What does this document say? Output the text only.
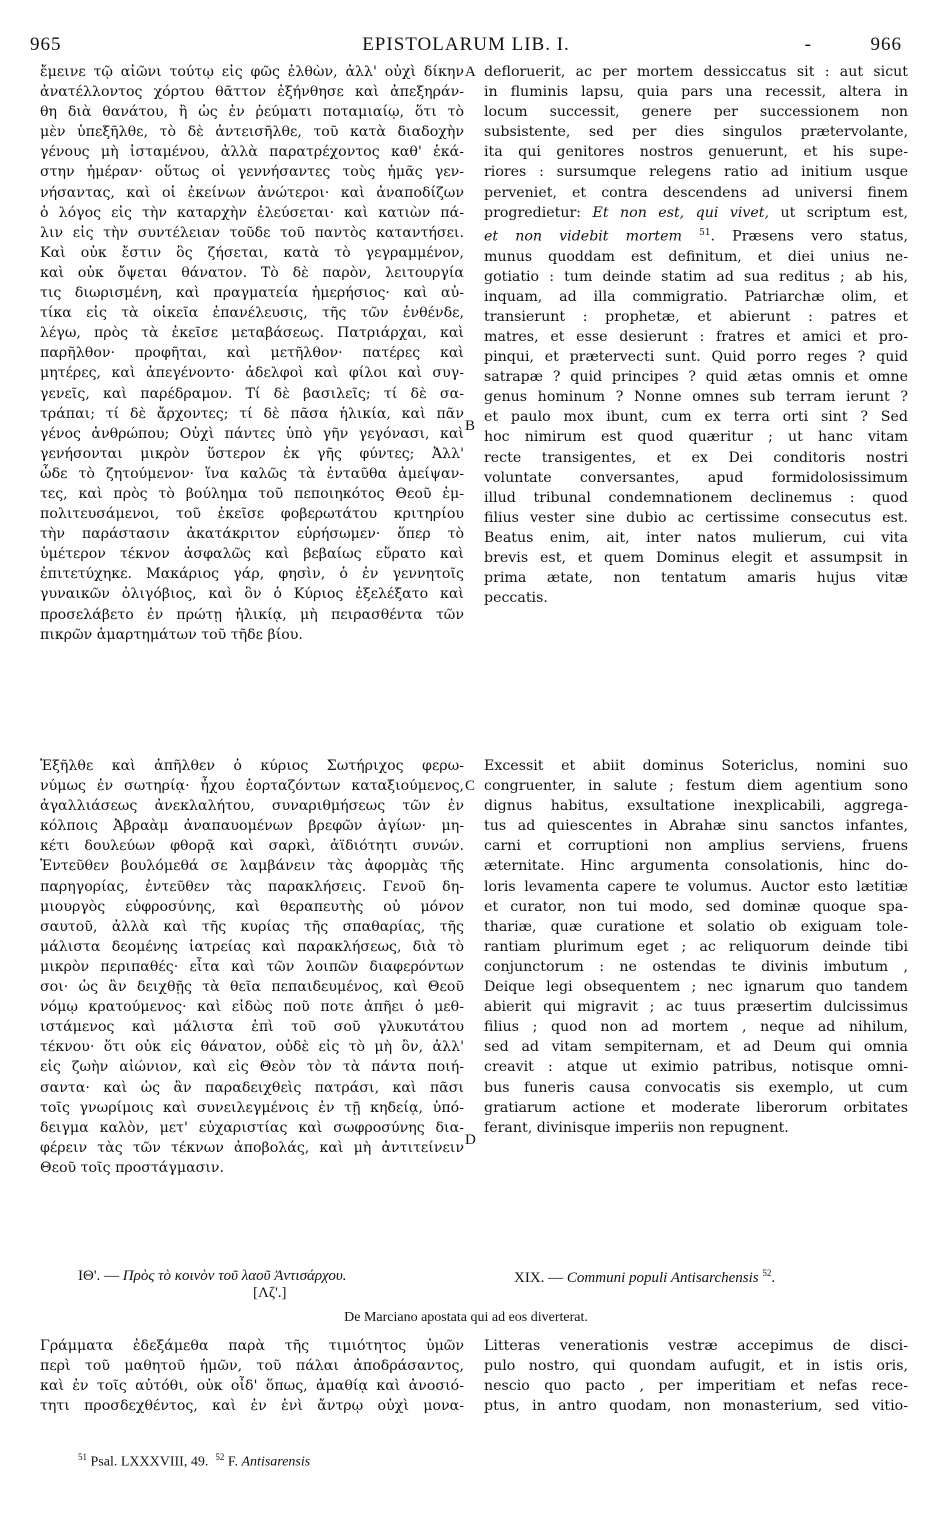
965	EPISTOLARUM LIB. I.	-	966
ἔμεινε τῷ αἰῶνι τούτῳ εἰς φῶς ἐλθὼν, ἀλλ' οὐχὶ δίκην
ἀνατέλλοντος χόρτου θᾶττον ἐξήνθησε καὶ ἀπεξηράν-
θη διὰ θανάτου, ἢ ὡς ἐν ῥεύματι ποταμιαίῳ, ὅτι τὸ
μὲν ὑπεξῆλθε, τὸ δὲ ἀντεισῆλθε, τοῦ κατὰ διαδοχὴν
γένους μὴ ἱσταμένου, ἀλλὰ παρατρέχοντος καθ' ἑκά-
στην ἡμέραν· οὕτως οἱ γεννήσαντες τοὺς ἡμᾶς γεν-
νήσαντας, καὶ οἱ ἐκείνων ἀνώτεροι· καὶ ἀναποδίζων
ὁ λόγος εἰς τὴν καταρχὴν ἐλεύσεται· καὶ κατιὼν πά-
λιν εἰς τὴν συντέλειαν τοῦδε τοῦ παντὸς καταντήσει.
Καὶ οὐκ ἔστιν ὃς ζήσεται, κατὰ τὸ γεγραμμένον,
καὶ οὐκ ὄψεται θάνατον. Τὸ δὲ παρὸν, λειτουργία
τις διωρισμένη, καὶ πραγματεία ἡμερήσιος· καὶ αὐ-
τίκα εἰς τὰ οἰκεῖα ἐπανέλευσις, τῆς τῶν ἐνθένδε,
λέγω, πρὸς τὰ ἐκεῖσε μεταβάσεως. Πατριάρχαι, καὶ
παρῆλθον· προφῆται, καὶ μετῆλθον· πατέρες καὶ
μητέρες, καὶ ἀπεγένοντο· ἀδελφοὶ καὶ φίλοι καὶ συγ-
γενεῖς, καὶ παρέδραμον. Τί δὲ βασιλεῖς; τί δὲ σα-
τράπαι; τί δὲ ἄρχοντες; τί δὲ πᾶσα ἡλικία, καὶ πᾶν
γένος ἀνθρώπου; Οὐχὶ πάντες ὑπὸ γῆν γεγόνασι, καὶ
γενήσονται μικρὸν ὕστερον ἐκ γῆς φύντες; Ἀλλ'
ὧδε τὸ ζητούμενον· ἵνα καλῶς τὰ ἐνταῦθα ἀμείψαν-
τες, καὶ πρὸς τὸ βούλημα τοῦ πεποιηκότος Θεοῦ ἐμ-
πολιτευσάμενοι, τοῦ ἐκεῖσε φοβερωτάτου κριτηρίου
τὴν παράστασιν ἀκατάκριτον εὑρήσωμεν· ὅπερ τὸ
ὑμέτερον τέκνον ἀσφαλῶς καὶ βεβαίως εὕρατο καὶ
ἐπιτετύχηκε. Μακάριος γάρ, φησὶν, ὁ ἐν γεννητοῖς
γυναικῶν ὀλιγόβιος, καὶ ὃν ὁ Κύριος ἐξελέξατο καὶ
προσελάβετο ἐν πρώτῃ ἡλικίᾳ, μὴ πειρασθέντα τῶν
πικρῶν ἁμαρτημάτων τοῦ τῆδε βίου.
defloruerit, ac per mortem dessiccatus sit : aut sicut
in fluminis lapsu, quia pars una recessit, altera in
locum successit, genere per successionem non
subsistente, sed per dies singulos prætervolante,
ita qui genitores nostros genuerunt, et his supe-
riores : sursumque relegens ratio ad initium usque
perveniet, et contra descendens ad universi finem
progredietur: Et non est, qui vivet, ut scriptum est,
et non videbit mortem $^{51}$. Præsens vero status,
munus quoddam est definitum, et diei unius ne-
gotiatio : tum deinde statim ad sua reditus ; ab his,
inquam, ad illa commigratio. Patriarchæ olim, et
transierunt : prophetæ, et abierunt : patres et
matres, et esse desierunt : fratres et amici et pro-
pinqui, et prætervecti sunt. Quid porro reges ? quid
satrapæ ? quid principes ? quid ætas omnis et omne
genus hominum ? Nonne omnes sub terram ierunt ?
et paulo mox ibunt, cum ex terra orti sint ? Sed
hoc nimirum est quod quæritur ; ut hanc vitam
recte transigentes, et ex Dei conditoris nostri
voluntate conversantes, apud formidolosissimum
illud tribunal condemnationem declinemus : quod
filius vester sine dubio ac certissime consecutus est.
Beatus enim, ait, inter natos mulierum, cui vita
brevis est, et quem Dominus elegit et assumpsit in
prima ætate, non tentatum amaris hujus vitæ
peccatis.
A
B
C
D
Ἐξῆλθε καὶ ἀπῆλθεν ὁ κύριος Σωτήριχος φερω-
νύμως ἐν σωτηρίᾳ· ἦχου ἑορταζόντων καταξιούμενος,
ἀγαλλιάσεως ἀνεκλαλήτου, συναριθμήσεως τῶν ἐν
κόλποις Ἀβραὰμ ἀναπαυομένων βρεφῶν ἁγίων· μη-
κέτι δουλεύων φθορᾷ καὶ σαρκὶ, ἀϊδιότητι συνών.
Ἐντεῦθεν βουλόμεθά σε λαμβάνειν τὰς ἀφορμὰς τῆς
παρηγορίας, ἐντεῦθεν τὰς παρακλήσεις. Γενοῦ δη-
μιουργὸς εὐφροσύνης, καὶ θεραπευτὴς οὐ μόνον
σαυτοῦ, ἀλλὰ καὶ τῆς κυρίας τῆς σπαθαρίας, τῆς
μάλιστα δεομένης ἰατρείας καὶ παρακλήσεως, διὰ τὸ
μικρὸν περιπαθές· εἶτα καὶ τῶν λοιπῶν διαφερόντων
σοι· ὡς ἂν δειχθῇς τὰ θεῖα πεπαιδευμένος, καὶ Θεοῦ
νόμῳ κρατούμενος· καὶ εἰδὼς ποῦ ποτε ἀπῆει ὁ μεθ-
ιστάμενος καὶ μάλιστα ἐπὶ τοῦ σοῦ γλυκυτάτου
τέκνου· ὅτι οὐκ εἰς θάνατον, οὐδὲ εἰς τὸ μὴ ὂν, ἀλλ'
εἰς ζωὴν αἰώνιον, καὶ εἰς Θεὸν τὸν τὰ πάντα ποιή-
σαντα· καὶ ὡς ἂν παραδειχθεὶς πατράσι, καὶ πᾶσι
τοῖς γνωρίμοις καὶ συνειλεγμένοις ἐν τῇ κηδείᾳ, ὑπό-
δειγμα καλὸν, μετ' εὐχαριστίας καὶ σωφροσύνης δια-
φέρειν τὰς τῶν τέκνων ἀποβολάς, καὶ μὴ ἀντιτείνειν
Θεοῦ τοῖς προστάγμασιν.
Excessit et abiit dominus Sotericlus, nomini suo
congruenter, in salute ; festum diem agentium sono
dignus habitus, exsultatione inexplicabili, aggrega-
tus ad quiescentes in Abrahæ sinu sanctos infantes,
carni et corruptioni non amplius serviens, fruens
æternitate. Hinc argumenta consolationis, hinc do-
loris levamenta capere te volumus. Auctor esto lætitiæ
et curator, non tui modo, sed dominæ quoque spa-
thariæ, quæ curatione et solatio ob exiguam tole-
rantiam plurimum eget ; ac reliquorum deinde tibi
conjunctorum : ne ostendas te divinis imbutum ,
Deique legi obsequentem ; nec ignarum quo tandem
abierit qui migravit ; ac tuus præsertim dulcissimus
filius ; quod non ad mortem , neque ad nihilum,
sed ad vitam sempiternam, et ad Deum qui omnia
creavit : atque ut eximio patribus, notisque omni-
bus funeris causa convocatis sis exemplo, ut cum
gratiarum actione et moderate liberorum orbitates
ferant, divinisque imperiis non repugnent.
ΙΘ'. — Πρὸς τὸ κοινὸν τοῦ λαοῦ Ἀντισάρχου.
[Λζ'.]
XIX. — Communi populi Antisarchensis $^{52}$.
De Marciano apostata qui ad eos diverterat.
Γράμματα ἐδεξάμεθα παρὰ τῆς τιμιότητος ὑμῶν
περὶ τοῦ μαθητοῦ ἡμῶν, τοῦ πάλαι ἀποδράσαντος,
καὶ ἐν τοῖς αὐτόθι, οὐκ οἶδ' ὅπως, ἀμαθίᾳ καὶ ἀνοσιό-
τητι προσδεχθέντος, καὶ ἐν ἑνὶ ἄντρῳ οὐχὶ μονα-
Litteras venerationis vestræ accepimus de disci-
pulo nostro, qui quondam aufugit, et in istis oris,
nescio quo pacto , per imperitiam et nefas rece-
ptus, in antro quodam, non monasterium, sed vitio-
$^{51}$ Psal. LXXXVIII, 49. $^{52}$ F. Antisarensis
